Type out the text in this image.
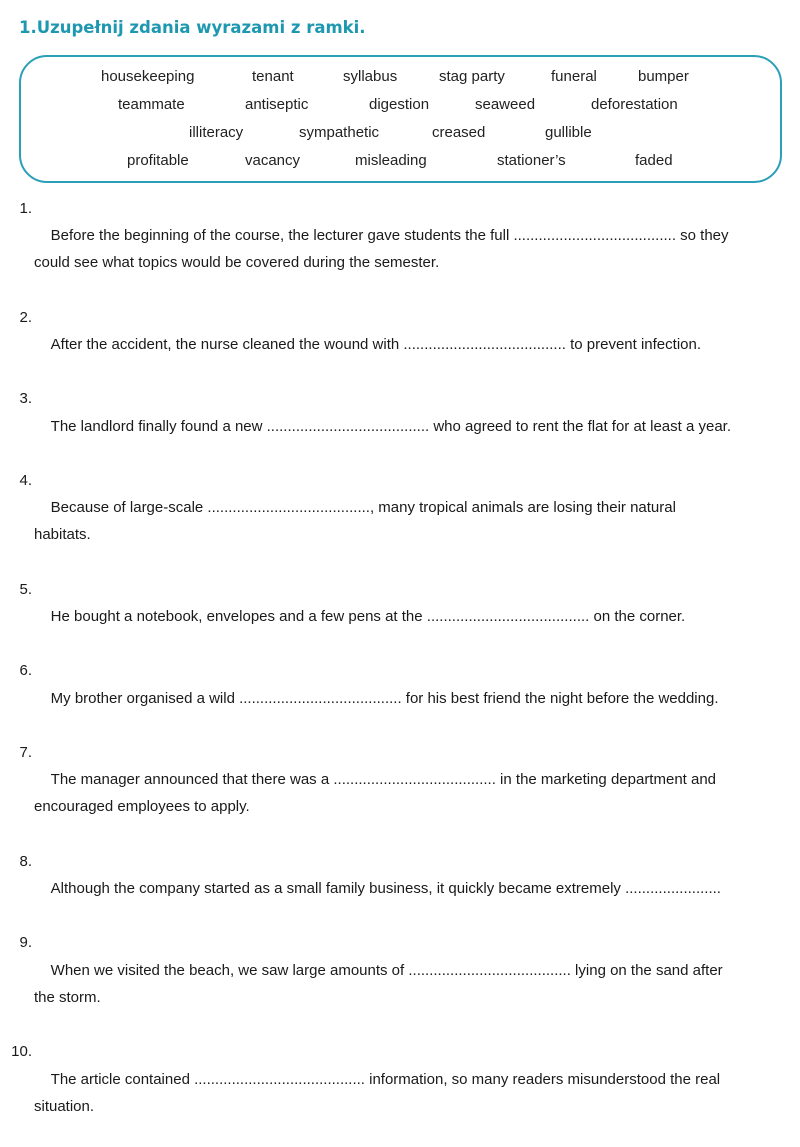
1.Uzupełnij zdania wyrazami z ramki.
housekeeping	tenant	syllabus	stag party	funeral	bumper
teammate	antiseptic	digestion	seaweed	deforestation
illiteracy	sympathetic	creased	gullible
profitable	vacancy	misleading	stationer’s	faded

1.
Before the beginning of the course, the lecturer gave students the full ....................................... so they
could see what topics would be covered during the semester.

2.
After the accident, the nurse cleaned the wound with ....................................... to prevent infection.

3.
The landlord finally found a new ....................................... who agreed to rent the flat for at least a year.

4.
Because of large-scale ......................................., many tropical animals are losing their natural
habitats.

5.
He bought a notebook, envelopes and a few pens at the ....................................... on the corner.

6.
My brother organised a wild ....................................... for his best friend the night before the wedding.

7.
The manager announced that there was a ....................................... in the marketing department and
encouraged employees to apply.

8.
Although the company started as a small family business, it quickly became extremely .......................

9.
When we visited the beach, we saw large amounts of ....................................... lying on the sand after
the storm.

10.
The article contained ......................................... information, so many readers misunderstood the real
situation.
